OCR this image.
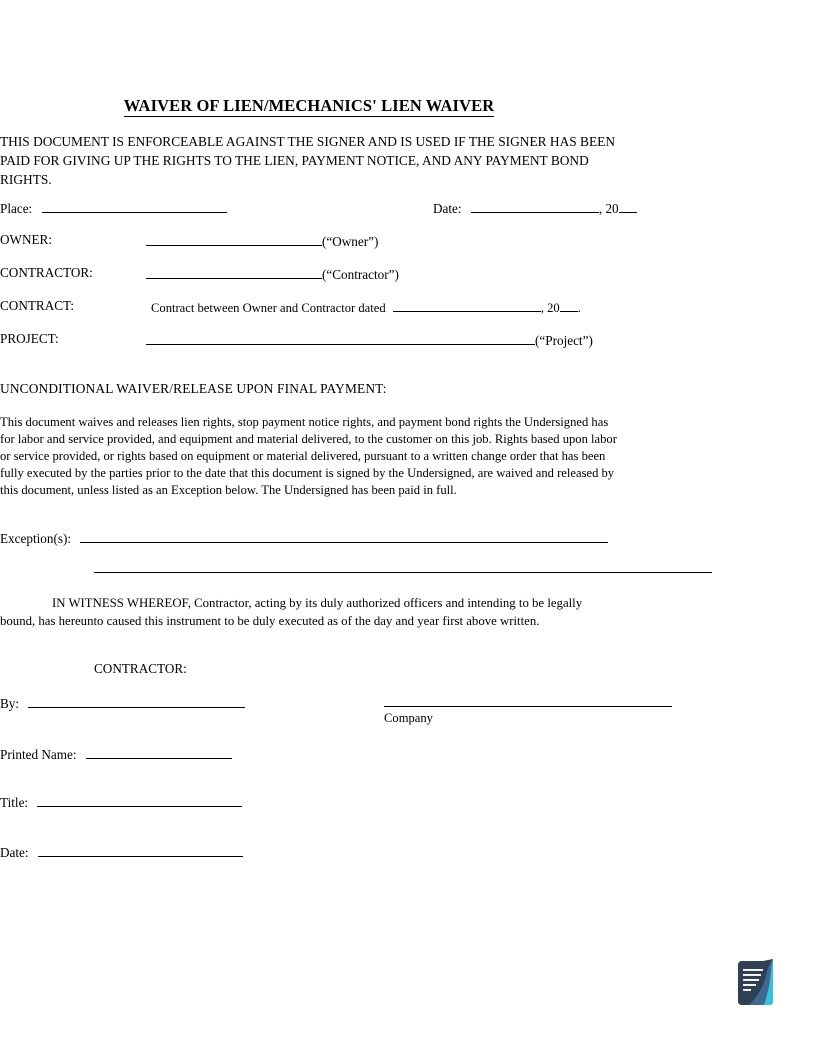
WAIVER OF LIEN/MECHANICS' LIEN WAIVER
THIS DOCUMENT IS ENFORCEABLE AGAINST THE SIGNER AND IS USED IF THE SIGNER HAS BEEN PAID FOR GIVING UP THE RIGHTS TO THE LIEN, PAYMENT NOTICE, AND ANY PAYMENT BOND RIGHTS.
Place:	Date:	, 20
OWNER:	(“Owner”)
CONTRACTOR:	(“Contractor”)
CONTRACT:	Contract between Owner and Contractor dated	, 20 .
PROJECT:	(“Project”)
UNCONDITIONAL WAIVER/RELEASE UPON FINAL PAYMENT:
This document waives and releases lien rights, stop payment notice rights, and payment bond rights the Undersigned has for labor and service provided, and equipment and material delivered, to the customer on this job. Rights based upon labor or service provided, or rights based on equipment or material delivered, pursuant to a written change order that has been fully executed by the parties prior to the date that this document is signed by the Undersigned, are waived and released by this document, unless listed as an Exception below. The Undersigned has been paid in full.
Exception(s):
IN WITNESS WHEREOF, Contractor, acting by its duly authorized officers and intending to be legally bound, has hereunto caused this instrument to be duly executed as of the day and year first above written.
CONTRACTOR:
By:
Company
Printed Name:
Title:
Date:
